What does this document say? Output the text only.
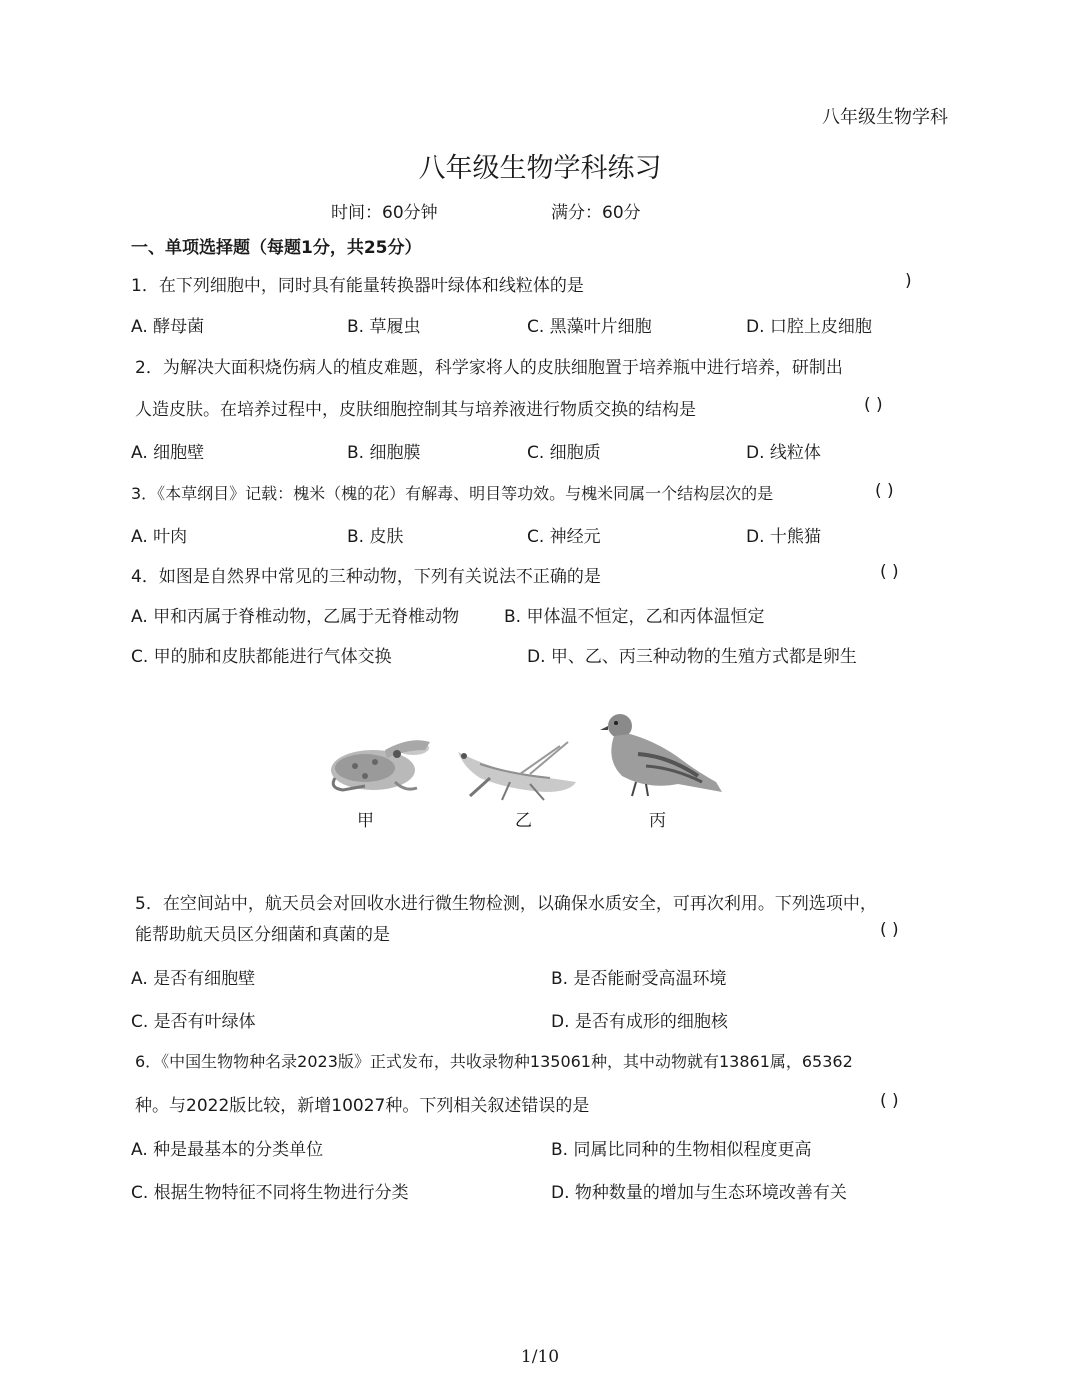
八年级生物学科
八年级生物学科练习
时间：60分钟	满分：60分
一、单项选择题（每题1分，共25分）
1．在下列细胞中，同时具有能量转换器叶绿体和线粒体的是	)
A. 酵母菌	B. 草履虫	C. 黑藻叶片细胞	D. 口腔上皮细胞
2．为解决大面积烧伤病人的植皮难题，科学家将人的皮肤细胞置于培养瓶中进行培养，研制出
人造皮肤。在培养过程中，皮肤细胞控制其与培养液进行物质交换的结构是	( )
A. 细胞壁	B. 细胞膜	C. 细胞质	D. 线粒体
3．《本草纲目》记载：槐米（槐的花）有解毒、明目等功效。与槐米同属一个结构层次的是	( )
A. 叶肉	B. 皮肤	C. 神经元	D. 十熊猫
4．如图是自然界中常见的三种动物，下列有关说法不正确的是	( )
A. 甲和丙属于脊椎动物，乙属于无脊椎动物	B. 甲体温不恒定，乙和丙体温恒定
C. 甲的肺和皮肤都能进行气体交换	D. 甲、乙、丙三种动物的生殖方式都是卵生
甲	乙	丙
5．在空间站中，航天员会对回收水进行微生物检测，以确保水质安全，可再次利用。下列选项中，
能帮助航天员区分细菌和真菌的是	( )
A. 是否有细胞壁	B. 是否能耐受高温环境
C. 是否有叶绿体	D. 是否有成形的细胞核
6．《中国生物物种名录2023版》正式发布，共收录物种135061种，其中动物就有13861属，65362
种。与2022版比较，新增10027种。下列相关叙述错误的是	( )
A. 种是最基本的分类单位	B. 同属比同种的生物相似程度更高
C. 根据生物特征不同将生物进行分类	D. 物种数量的增加与生态环境改善有关
1/10
